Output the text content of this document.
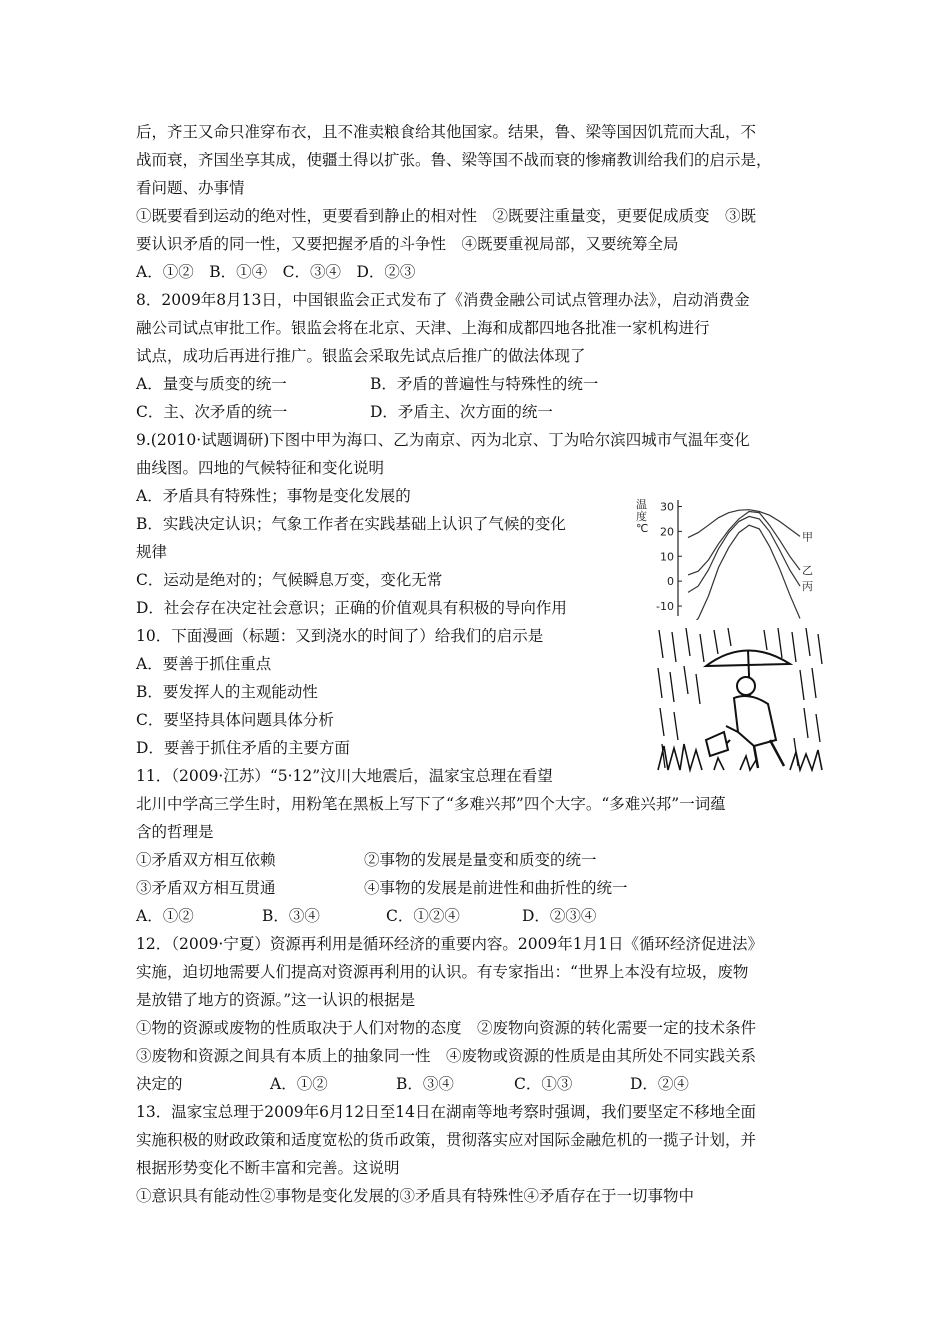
后，齐王又命只准穿布衣，且不准卖粮食给其他国家。结果，鲁、梁等国因饥荒而大乱，不
战而衰，齐国坐享其成，使疆土得以扩张。鲁、梁等国不战而衰的惨痛教训给我们的启示是，
看问题、办事情
①既要看到运动的绝对性，更要看到静止的相对性　②既要注重量变，更要促成质变　③既
要认识矛盾的同一性，又要把握矛盾的斗争性　④既要重视局部，又要统筹全局
A．①②　B．①④　C．③④　D．②③
8．2009年8月13日，中国银监会正式发布了《消费金融公司试点管理办法》，启动消费金
融公司试点审批工作。银监会将在北京、天津、上海和成都四地各批准一家机构进行
试点，成功后再进行推广。银监会采取先试点后推广的做法体现了
A．量变与质变的统一	B．矛盾的普遍性与特殊性的统一
C．主、次矛盾的统一	D．矛盾主、次方面的统一
9.(2010·试题调研)下图中甲为海口、乙为南京、丙为北京、丁为哈尔滨四城市气温年变化
曲线图。四地的气候特征和变化说明
A．矛盾具有特殊性；事物是变化发展的
B．实践决定认识；气象工作者在实践基础上认识了气候的变化
规律
C．运动是绝对的；气候瞬息万变，变化无常
D．社会存在决定社会意识；正确的价值观具有积极的导向作用
30
20
10
0
-10
甲
乙
丙
温
度
℃
10．下面漫画（标题：又到浇水的时间了）给我们的启示是
A．要善于抓住重点
B．要发挥人的主观能动性
C．要坚持具体问题具体分析
D．要善于抓住矛盾的主要方面
11．（2009·江苏）“5·12”汶川大地震后，温家宝总理在看望
北川中学高三学生时，用粉笔在黑板上写下了“多难兴邦”四个大字。“多难兴邦”一词蕴
含的哲理是
①矛盾双方相互依赖	②事物的发展是量变和质变的统一
③矛盾双方相互贯通	④事物的发展是前进性和曲折性的统一
A．①②	B．③④	C．①②④	D．②③④
12．（2009·宁夏）资源再利用是循环经济的重要内容。2009年1月1日《循环经济促进法》
实施，迫切地需要人们提高对资源再利用的认识。有专家指出：“世界上本没有垃圾，废物
是放错了地方的资源。”这一认识的根据是
①物的资源或废物的性质取决于人们对物的态度　②废物向资源的转化需要一定的技术条件
③废物和资源之间具有本质上的抽象同一性　④废物或资源的性质是由其所处不同实践关系
决定的	A．①②	B．③④	C．①③	D．②④
13．温家宝总理于2009年6月12日至14日在湖南等地考察时强调，我们要坚定不移地全面
实施积极的财政政策和适度宽松的货币政策，贯彻落实应对国际金融危机的一揽子计划，并
根据形势变化不断丰富和完善。这说明
①意识具有能动性②事物是变化发展的③矛盾具有特殊性④矛盾存在于一切事物中
